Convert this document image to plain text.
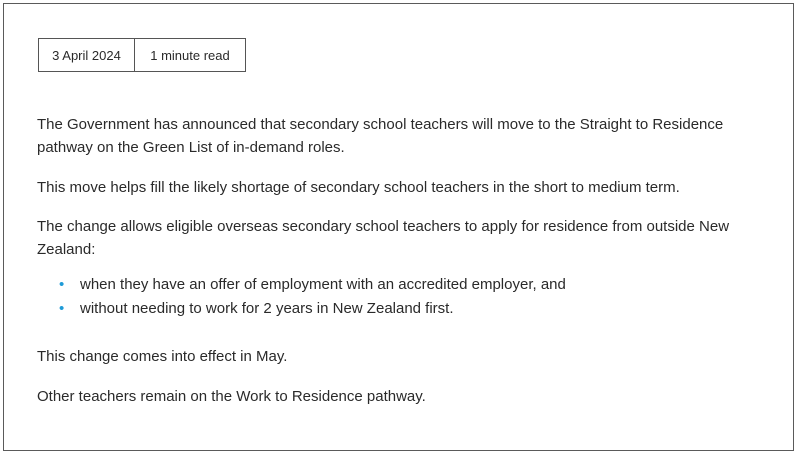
3 April 2024	1 minute read

The Government has announced that secondary school teachers will move to the Straight to Residence pathway on the Green List of in-demand roles.

This move helps fill the likely shortage of secondary school teachers in the short to medium term.

The change allows eligible overseas secondary school teachers to apply for residence from outside New Zealand:

• when they have an offer of employment with an accredited employer, and
• without needing to work for 2 years in New Zealand first.

This change comes into effect in May.

Other teachers remain on the Work to Residence pathway.
